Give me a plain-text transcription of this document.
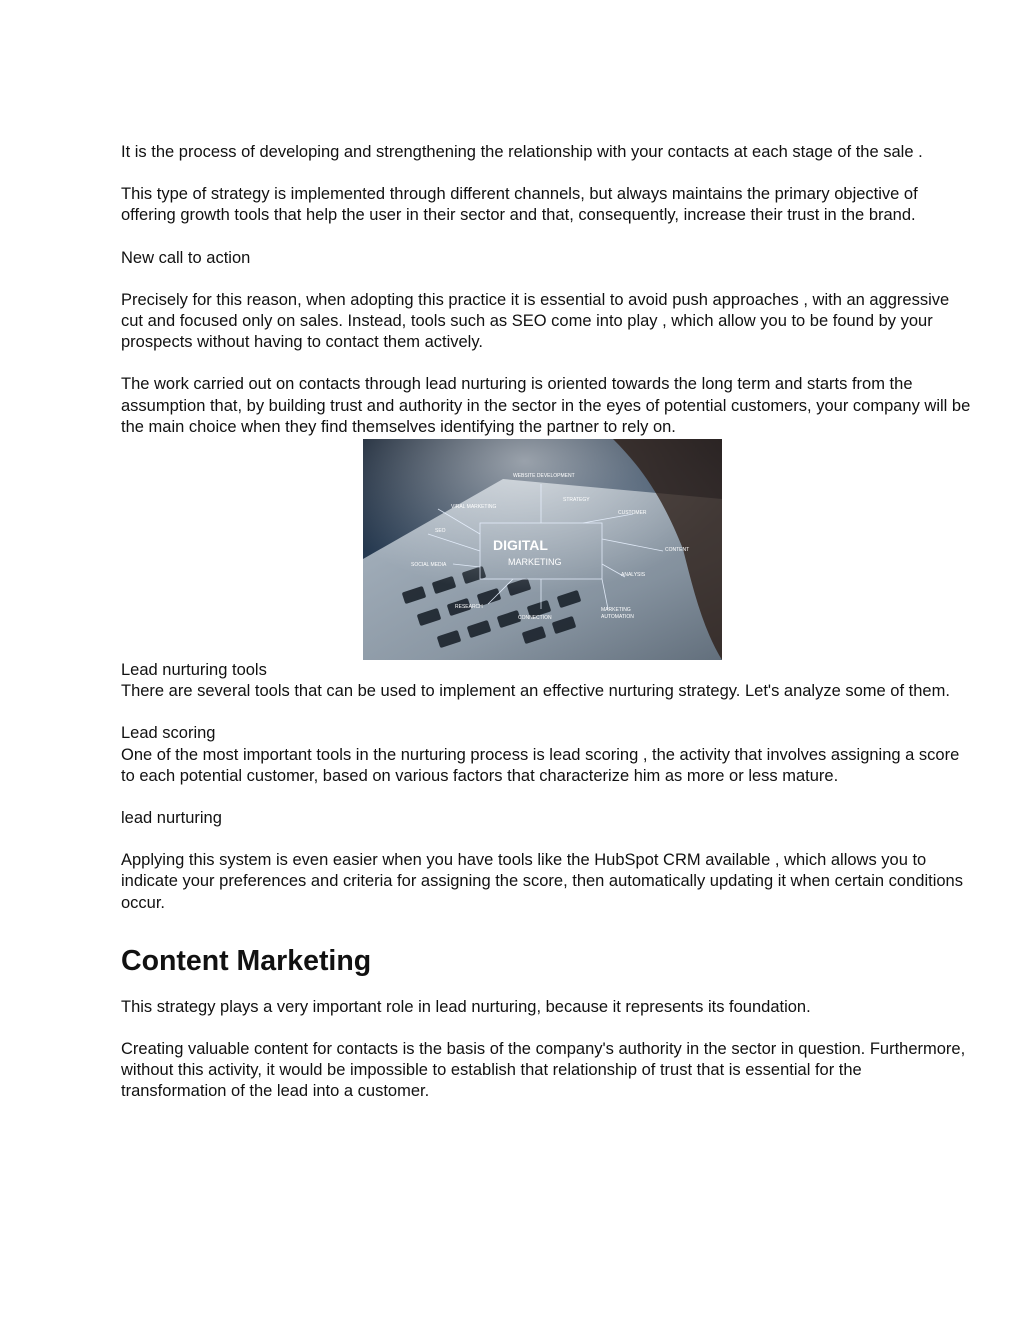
It is the process of developing and strengthening the relationship with your contacts at each stage of the sale .

This type of strategy is implemented through different channels, but always maintains the primary objective of offering growth tools that help the user in their sector and that, consequently, increase their trust in the brand.

New call to action

Precisely for this reason, when adopting this practice it is essential to avoid push approaches , with an aggressive cut and focused only on sales. Instead, tools such as SEO come into play , which allow you to be found by your prospects without having to contact them actively.

The work carried out on contacts through lead nurturing is oriented towards the long term and starts from the assumption that, by building trust and authority in the sector in the eyes of potential customers, your company will be the main choice when they find themselves identifying the partner to rely on.

DIGITAL
MARKETING
WEBSITE DEVELOPMENT
STRATEGY
VIRAL MARKETING
CUSTOMER
SEO
CONTENT
SOCIAL MEDIA
ANALYSIS
RESEARCH
CONNECTION
MARKETING
AUTOMATION

Lead nurturing tools

There are several tools that can be used to implement an effective nurturing strategy. Let's analyze some of them.

Lead scoring

One of the most important tools in the nurturing process is lead scoring , the activity that involves assigning a score to each potential customer, based on various factors that characterize him as more or less mature.

lead nurturing

Applying this system is even easier when you have tools like the HubSpot CRM available , which allows you to indicate your preferences and criteria for assigning the score, then automatically updating it when certain conditions occur.

Content Marketing

This strategy plays a very important role in lead nurturing, because it represents its foundation.

Creating valuable content for contacts is the basis of the company's authority in the sector in question. Furthermore, without this activity, it would be impossible to establish that relationship of trust that is essential for the transformation of the lead into a customer.
